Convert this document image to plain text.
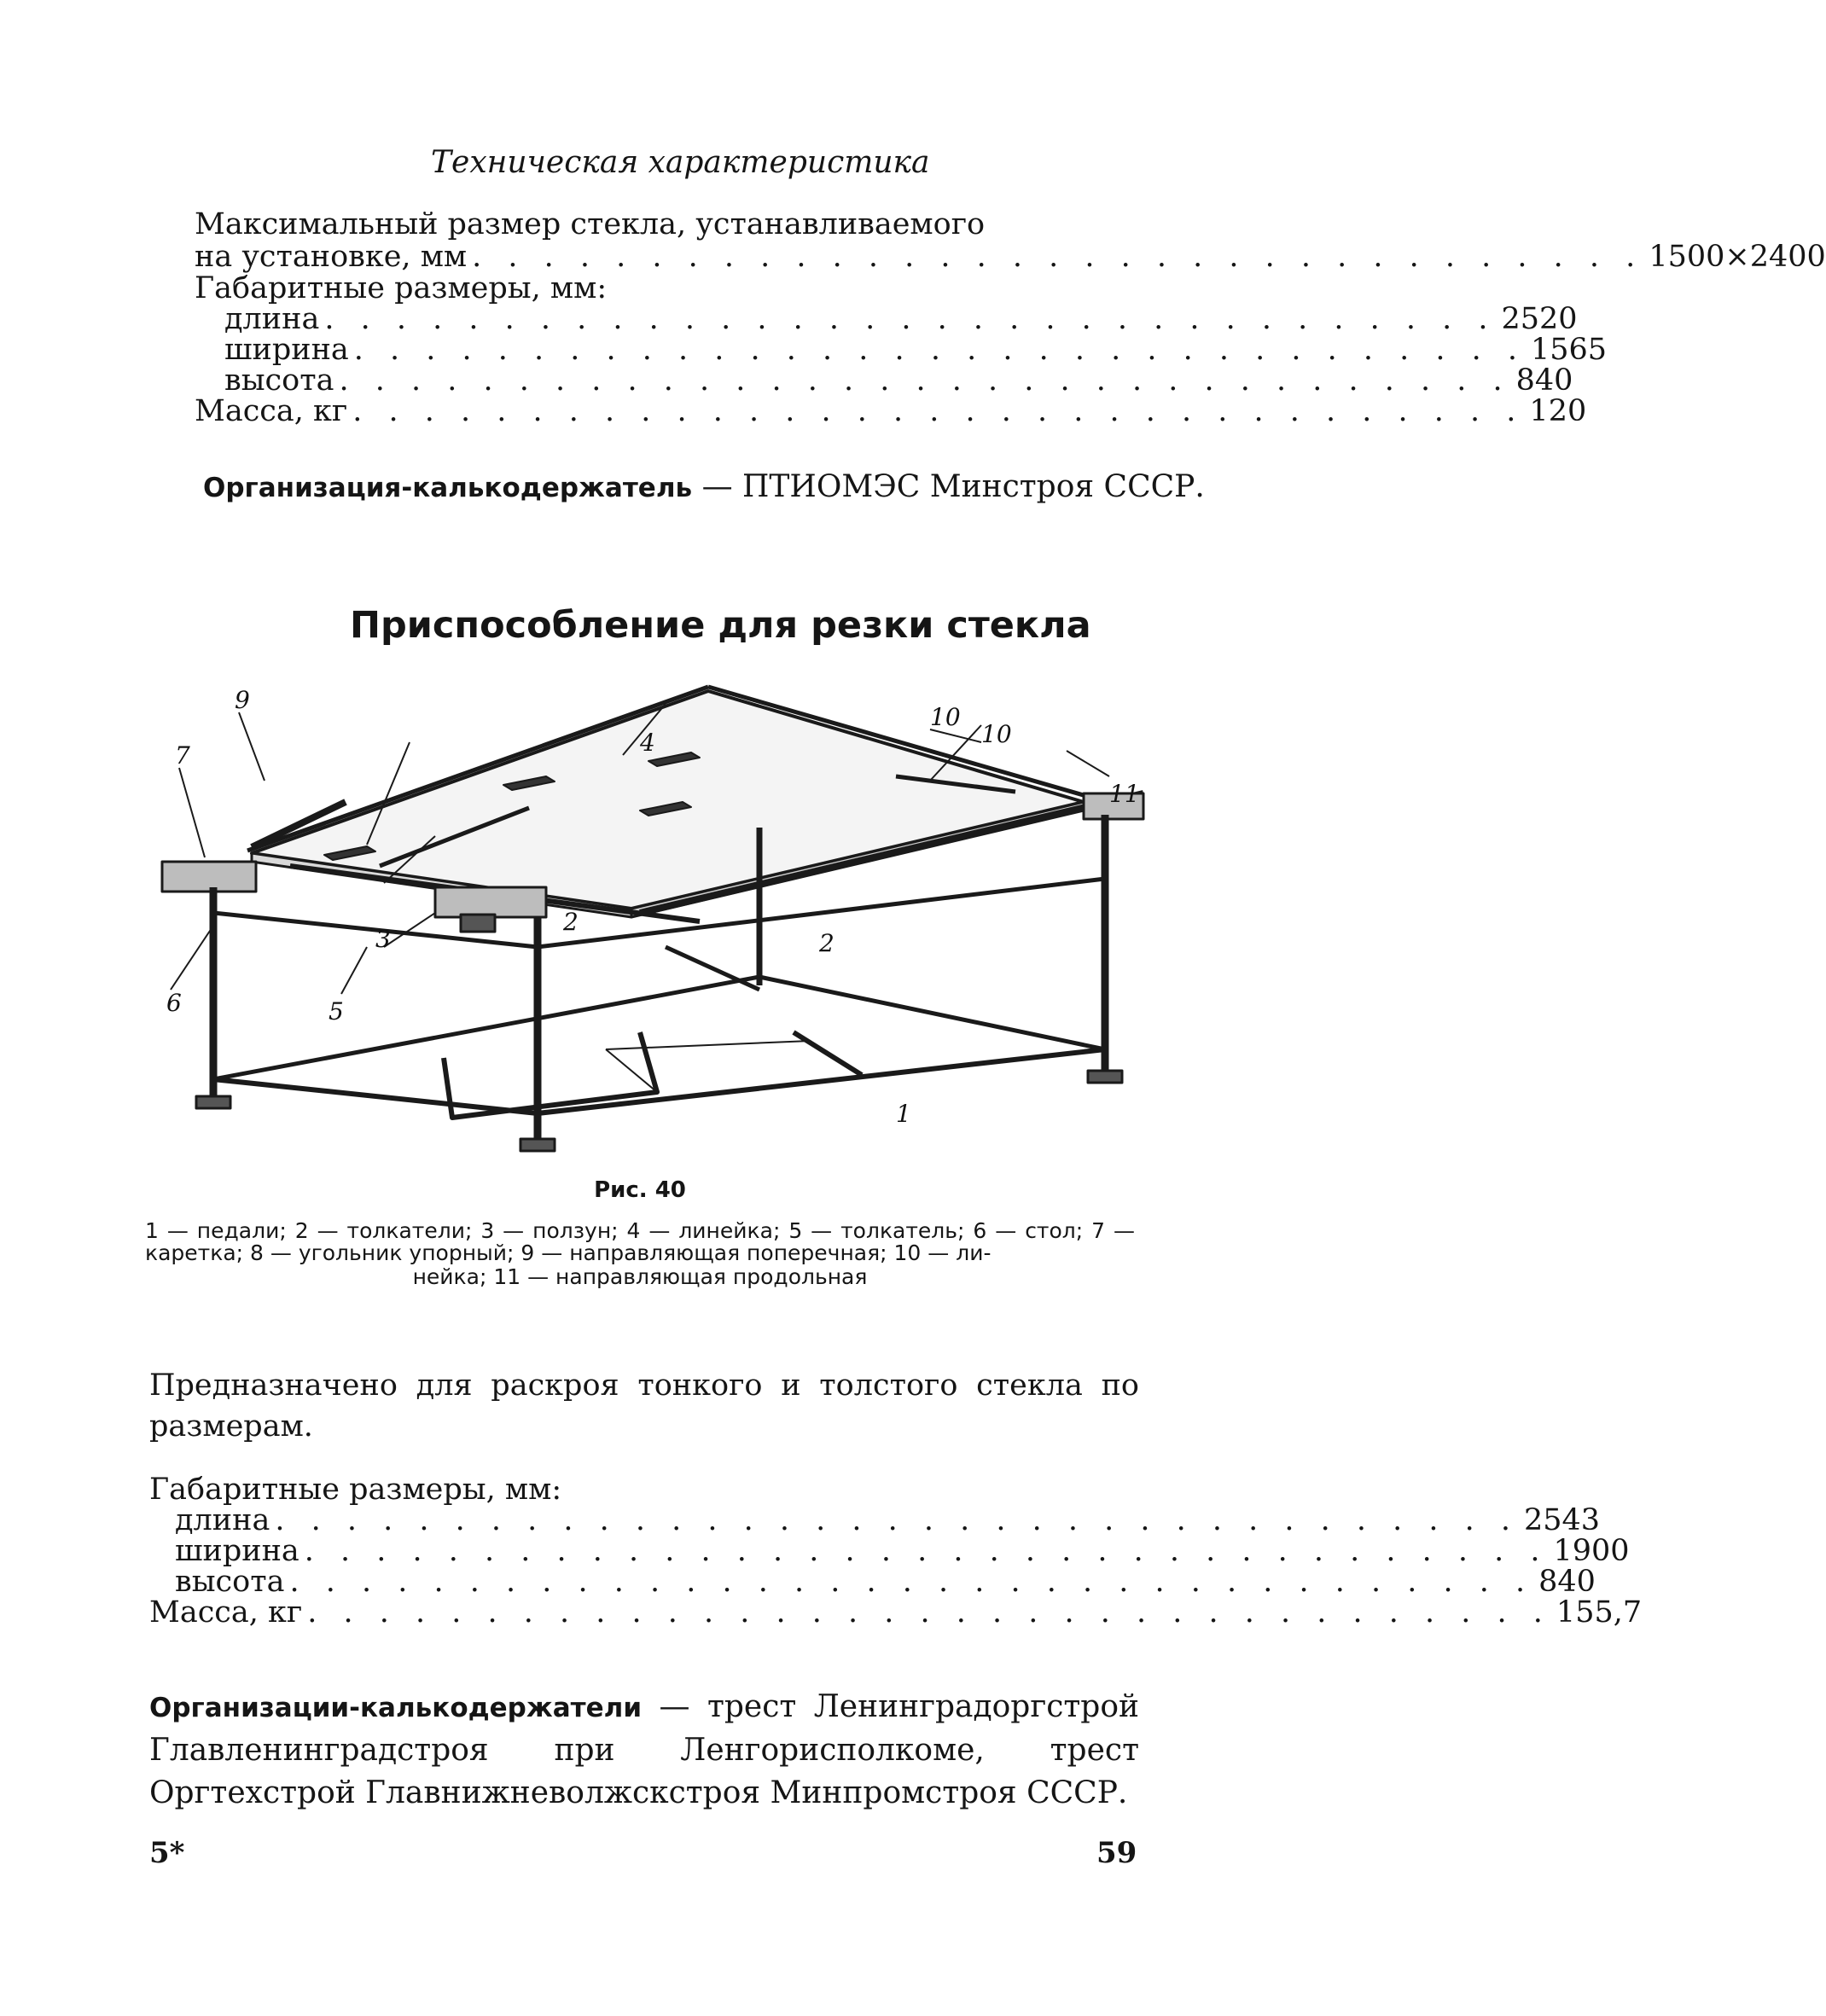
Техническая характеристика
Максимальный размер стекла, устанавливаемого
на установке, мм . . . . . . . . . . . . . . . . . . . . . . . . . . . . . . . . . 1500×2400
Габаритные размеры, мм:
длина . . . . . . . . . . . . . . . . . . . . . . . . . . . . . . . . . 2520
ширина . . . . . . . . . . . . . . . . . . . . . . . . . . . . . . . . . 1565
высота . . . . . . . . . . . . . . . . . . . . . . . . . . . . . . . . . 840
Масса, кг . . . . . . . . . . . . . . . . . . . . . . . . . . . . . . . . . 120
Организация-калькодержатель — ПТИОМЭС Минстроя СССР.
Приспособление для резки стекла
9
7
10
10
11
4
3
2
2
5
6
1
Рис. 40
1 — педали; 2 — толкатели; 3 — ползун; 4 — линейка; 5 — толкатель; 6 — стол; 7 — каретка; 8 — угольник упорный; 9 — направляющая поперечная; 10 — ли-
нейка; 11 — направляющая продольная
Предназначено для раскроя тонкого и толстого стекла по размерам.
Габаритные размеры, мм:
длина . . . . . . . . . . . . . . . . . . . . . . . . . . . . . . . . . . . 2543
ширина . . . . . . . . . . . . . . . . . . . . . . . . . . . . . . . . . . . 1900
высота . . . . . . . . . . . . . . . . . . . . . . . . . . . . . . . . . . . 840
Масса, кг . . . . . . . . . . . . . . . . . . . . . . . . . . . . . . . . . . . 155,7
Организации-калькодержатели — трест Ленинградоргстрой Главленинградстроя при Ленгорисполкоме, трест Оргтехстрой Главнижневолжскстроя Минпромстроя СССР.
5*	59
